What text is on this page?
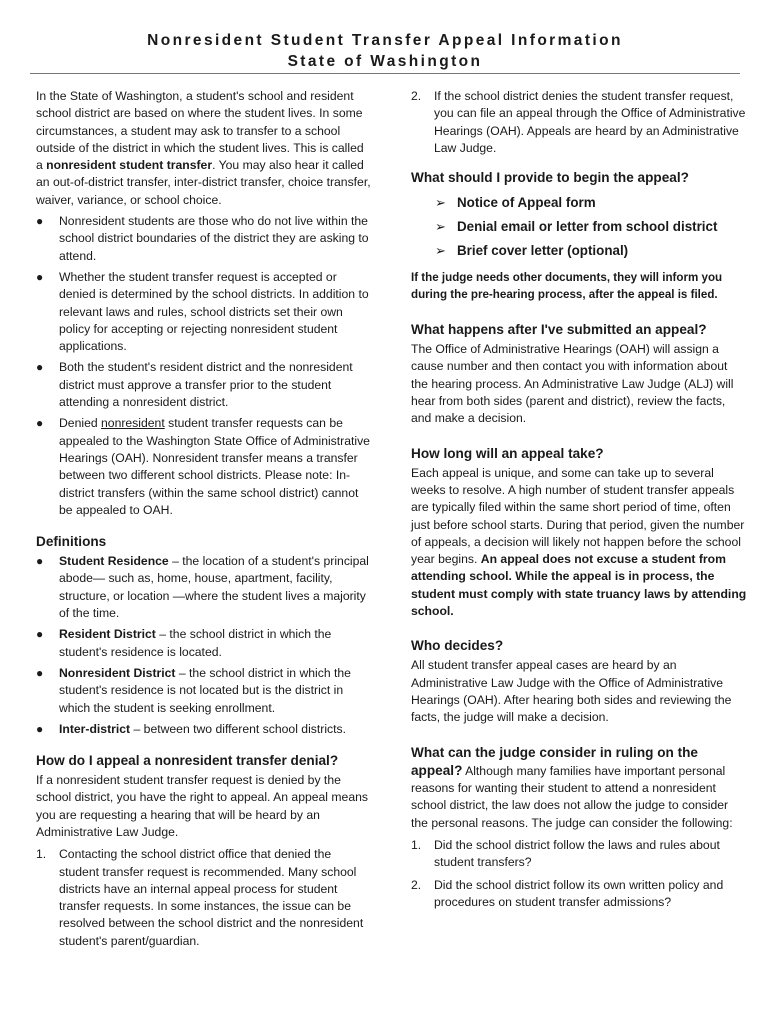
Nonresident Student Transfer Appeal Information

State of Washington

In the State of Washington, a student's school and resident school district are based on where the student lives. In some circumstances, a student may ask to transfer to a school outside of the district in which the student lives. This is called a nonresident student transfer. You may also hear it called an out-of-district transfer, inter-district transfer, choice transfer, waiver, variance, or school choice.

● Nonresident students are those who do not live within the school district boundaries of the district they are asking to attend.
● Whether the student transfer request is accepted or denied is determined by the school districts. In addition to relevant laws and rules, school districts set their own policy for accepting or rejecting nonresident student applications.
● Both the student's resident district and the nonresident district must approve a transfer prior to the student attending a nonresident district.
● Denied nonresident student transfer requests can be appealed to the Washington State Office of Administrative Hearings (OAH). Nonresident transfer means a transfer between two different school districts. Please note: In-district transfers (within the same school district) cannot be appealed to OAH.
Definitions
● Student Residence – the location of a student's principal abode— such as, home, house, apartment, facility, structure, or location —where the student lives a majority of the time.
● Resident District – the school district in which the student's residence is located.
● Nonresident District – the school district in which the student's residence is not located but is the district in which the student is seeking enrollment.
● Inter-district – between two different school districts.
How do I appeal a nonresident transfer denial?

If a nonresident student transfer request is denied by the school district, you have the right to appeal. An appeal means you are requesting a hearing that will be heard by an Administrative Law Judge.

1. Contacting the school district office that denied the student transfer request is recommended. Many school districts have an internal appeal process for student transfer requests. In some instances, the issue can be resolved between the school district and the nonresident student's parent/guardian.
2. If the school district denies the student transfer request, you can file an appeal through the Office of Administrative Hearings (OAH). Appeals are heard by an Administrative Law Judge.
What should I provide to begin the appeal?
➢ Notice of Appeal form
➢ Denial email or letter from school district
➢ Brief cover letter (optional)

If the judge needs other documents, they will inform you during the pre-hearing process, after the appeal is filed.

What happens after I've submitted an appeal?

The Office of Administrative Hearings (OAH) will assign a cause number and then contact you with information about the hearing process. An Administrative Law Judge (ALJ) will hear from both sides (parent and district), review the facts, and make a decision.

How long will an appeal take?

Each appeal is unique, and some can take up to several weeks to resolve. A high number of student transfer appeals are typically filed within the same short period of time, often just before school starts. During that period, given the number of appeals, a decision will likely not happen before the school year begins. An appeal does not excuse a student from attending school. While the appeal is in process, the student must comply with state truancy laws by attending school.

Who decides?

All student transfer appeal cases are heard by an Administrative Law Judge with the Office of Administrative Hearings (OAH). After hearing both sides and reviewing the facts, the judge will make a decision.

What can the judge consider in ruling on the appeal? Although many families have important personal reasons for wanting their student to attend a nonresident school district, the law does not allow the judge to consider the personal reasons. The judge can consider the following:

1. Did the school district follow the laws and rules about student transfers?
2. Did the school district follow its own written policy and procedures on student transfer admissions?
